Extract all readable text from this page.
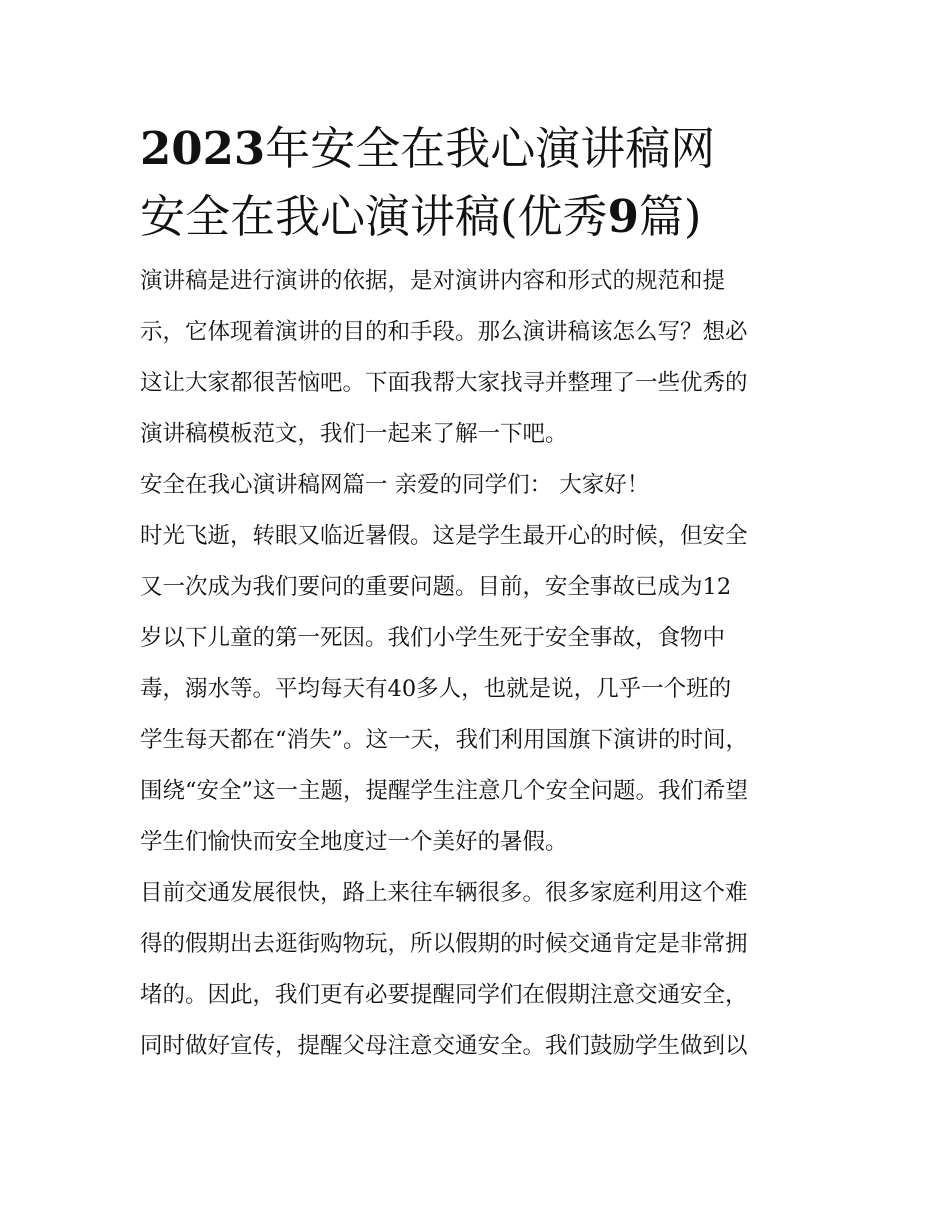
2023年安全在我心演讲稿网
安全在我心演讲稿(优秀9篇)

演讲稿是进行演讲的依据，是对演讲内容和形式的规范和提
示，它体现着演讲的目的和手段。那么演讲稿该怎么写？想必
这让大家都很苦恼吧。下面我帮大家找寻并整理了一些优秀的
演讲稿模板范文，我们一起来了解一下吧。

安全在我心演讲稿网篇一 亲爱的同学们： 大家好！

时光飞逝，转眼又临近暑假。这是学生最开心的时候，但安全
又一次成为我们要问的重要问题。目前，安全事故已成为12
岁以下儿童的第一死因。我们小学生死于安全事故，食物中
毒，溺水等。平均每天有40多人，也就是说，几乎一个班的
学生每天都在“消失”。这一天，我们利用国旗下演讲的时间，
围绕“安全”这一主题，提醒学生注意几个安全问题。我们希望
学生们愉快而安全地度过一个美好的暑假。

目前交通发展很快，路上来往车辆很多。很多家庭利用这个难
得的假期出去逛街购物玩，所以假期的时候交通肯定是非常拥
堵的。因此，我们更有必要提醒同学们在假期注意交通安全，
同时做好宣传，提醒父母注意交通安全。我们鼓励学生做到以
